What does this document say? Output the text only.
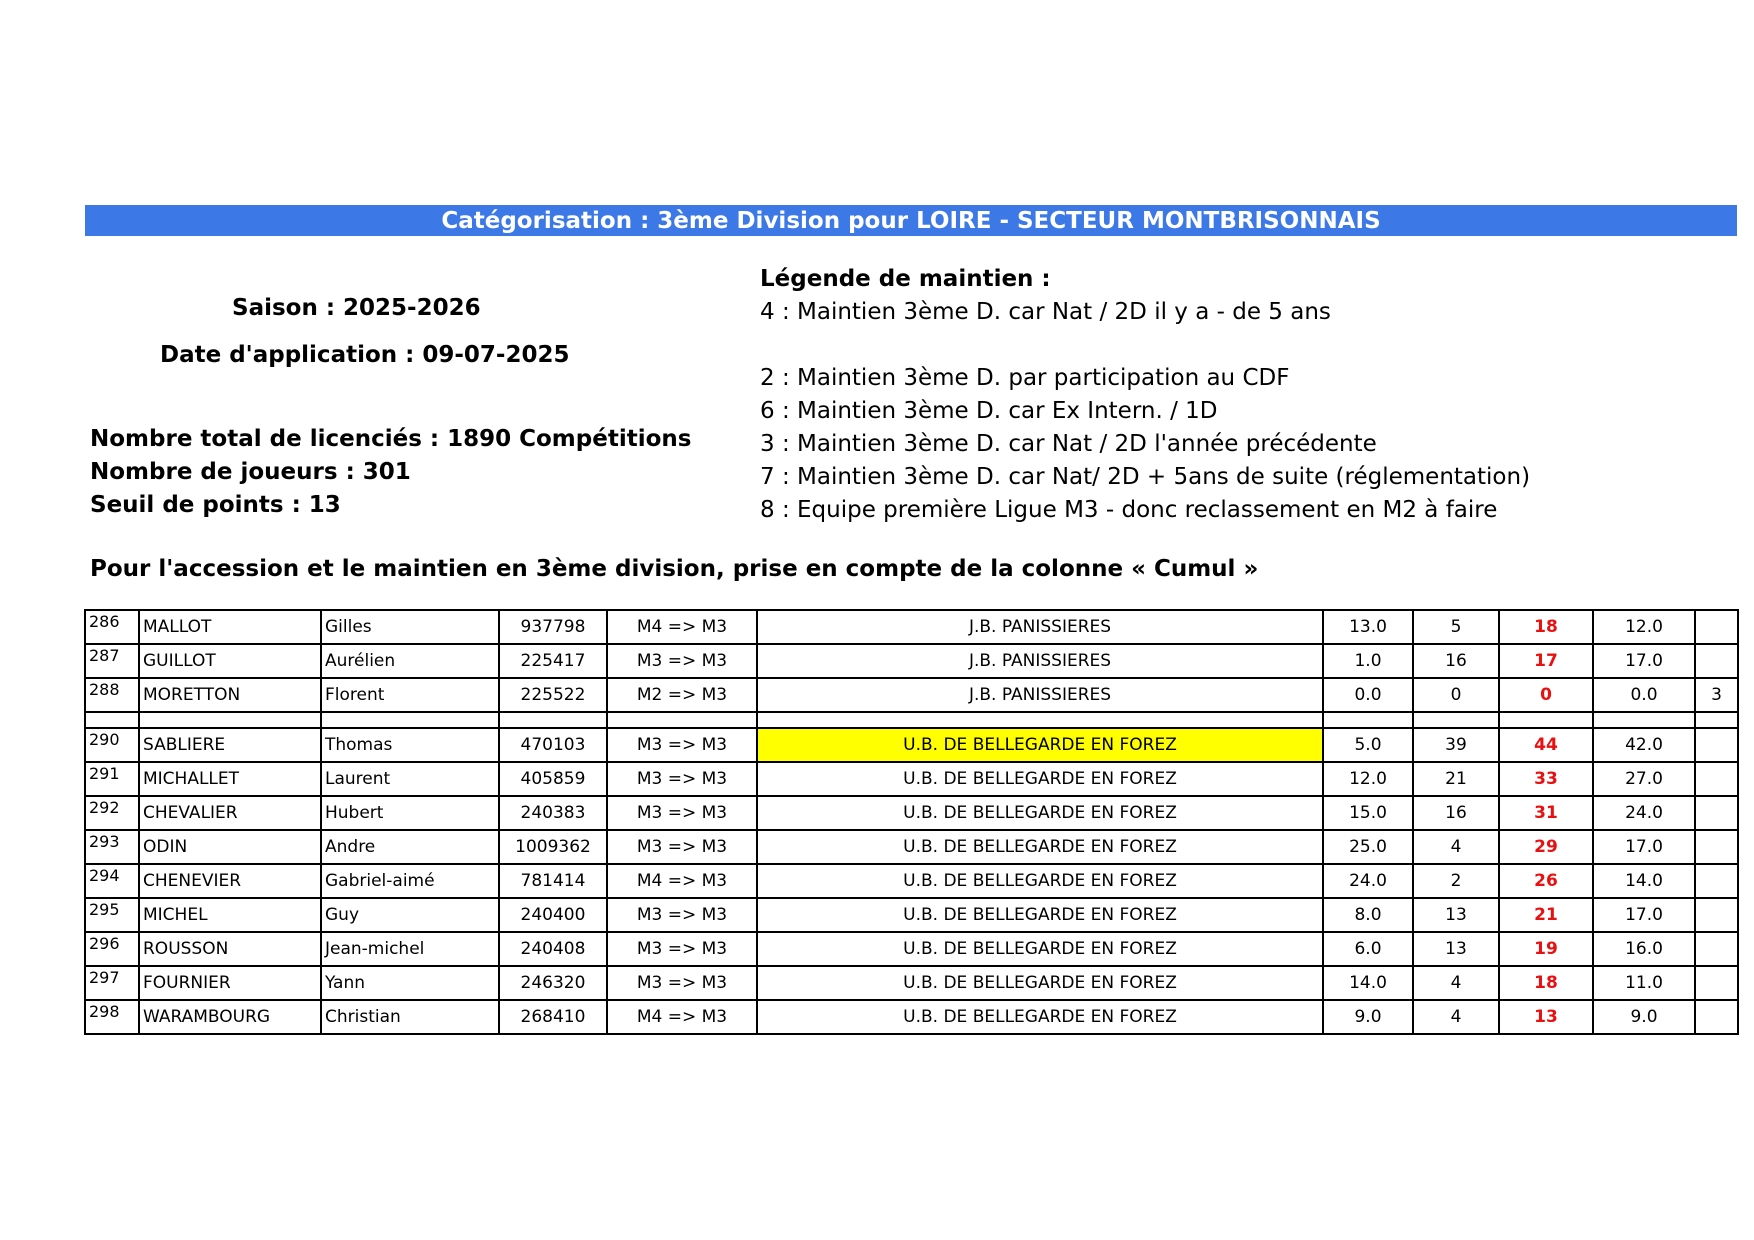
Catégorisation : 3ème Division pour LOIRE - SECTEUR MONTBRISONNAIS
Saison : 2025-2026
Date d'application : 09-07-2025
Nombre total de licenciés : 1890 Compétitions
Nombre de joueurs : 301
Seuil de points : 13
Pour l'accession et le maintien en 3ème division, prise en compte de la colonne « Cumul »
Légende de maintien :
4 : Maintien 3ème D. car Nat / 2D il y a - de 5 ans
2 : Maintien 3ème D. par participation au CDF
6 : Maintien 3ème D. car Ex Intern. / 1D
3 : Maintien 3ème D. car Nat / 2D l'année précédente
7 : Maintien 3ème D. car Nat/ 2D + 5ans de suite (réglementation)
8 : Equipe première Ligue M3 - donc reclassement en M2 à faire
286	MALLOT	Gilles	937798	M4 => M3	J.B. PANISSIERES	13.0	5	18	12.0	
287	GUILLOT	Aurélien	225417	M3 => M3	J.B. PANISSIERES	1.0	16	17	17.0	
288	MORETTON	Florent	225522	M2 => M3	J.B. PANISSIERES	0.0	0	0	0.0	3

290	SABLIERE	Thomas	470103	M3 => M3	U.B. DE BELLEGARDE EN FOREZ	5.0	39	44	42.0	
291	MICHALLET	Laurent	405859	M3 => M3	U.B. DE BELLEGARDE EN FOREZ	12.0	21	33	27.0	
292	CHEVALIER	Hubert	240383	M3 => M3	U.B. DE BELLEGARDE EN FOREZ	15.0	16	31	24.0	
293	ODIN	Andre	1009362	M3 => M3	U.B. DE BELLEGARDE EN FOREZ	25.0	4	29	17.0	
294	CHENEVIER	Gabriel-aimé	781414	M4 => M3	U.B. DE BELLEGARDE EN FOREZ	24.0	2	26	14.0	
295	MICHEL	Guy	240400	M3 => M3	U.B. DE BELLEGARDE EN FOREZ	8.0	13	21	17.0	
296	ROUSSON	Jean-michel	240408	M3 => M3	U.B. DE BELLEGARDE EN FOREZ	6.0	13	19	16.0	
297	FOURNIER	Yann	246320	M3 => M3	U.B. DE BELLEGARDE EN FOREZ	14.0	4	18	11.0	
298	WARAMBOURG	Christian	268410	M4 => M3	U.B. DE BELLEGARDE EN FOREZ	9.0	4	13	9.0	
